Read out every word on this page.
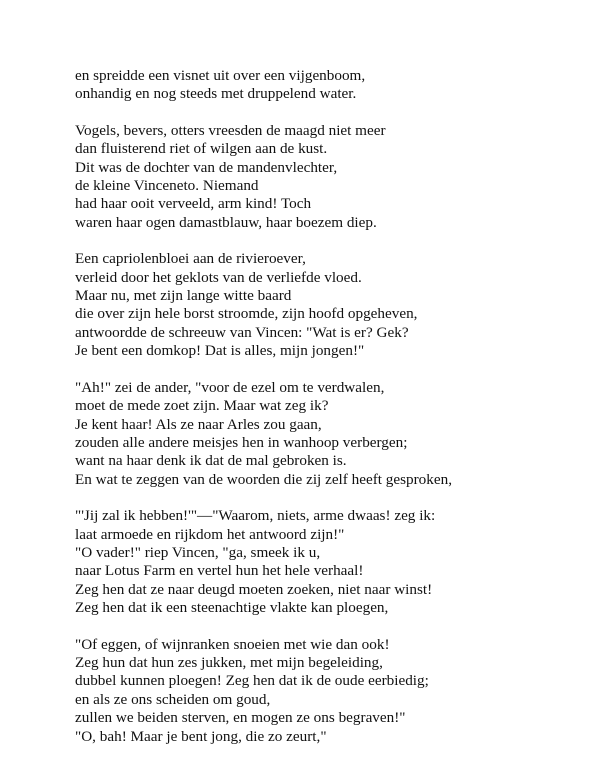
en spreidde een visnet uit over een vijgenboom,
onhandig en nog steeds met druppelend water.
Vogels, bevers, otters vreesden de maagd niet meer
dan fluisterend riet of wilgen aan de kust.
Dit was de dochter van de mandenvlechter,
de kleine Vinceneto. Niemand
had haar ooit verveeld, arm kind! Toch
waren haar ogen damastblauw, haar boezem diep.
Een capriolenbloei aan de rivieroever,
verleid door het geklots van de verliefde vloed.
Maar nu, met zijn lange witte baard
die over zijn hele borst stroomde, zijn hoofd opgeheven,
antwoordde de schreeuw van Vincen: "Wat is er? Gek?
Je bent een domkop! Dat is alles, mijn jongen!"
"Ah!" zei de ander, "voor de ezel om te verdwalen,
moet de mede zoet zijn. Maar wat zeg ik?
Je kent haar! Als ze naar Arles zou gaan,
zouden alle andere meisjes hen in wanhoop verbergen;
want na haar denk ik dat de mal gebroken is.
En wat te zeggen van de woorden die zij zelf heeft gesproken,
"'Jij zal ik hebben!'"—"Waarom, niets, arme dwaas! zeg ik:
laat armoede en rijkdom het antwoord zijn!"
"O vader!" riep Vincen, "ga, smeek ik u,
naar Lotus Farm en vertel hun het hele verhaal!
Zeg hen dat ze naar deugd moeten zoeken, niet naar winst!
Zeg hen dat ik een steenachtige vlakte kan ploegen,
"Of eggen, of wijnranken snoeien met wie dan ook!
Zeg hun dat hun zes jukken, met mijn begeleiding,
dubbel kunnen ploegen! Zeg hen dat ik de oude eerbiedig;
en als ze ons scheiden om goud,
zullen we beiden sterven, en mogen ze ons begraven!"
"O, bah! Maar je bent jong, die zo zeurt,"
